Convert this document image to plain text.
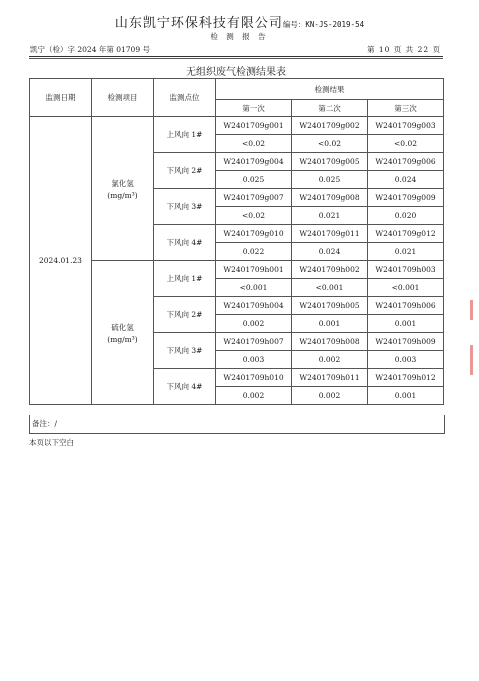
山东凯宁环保科技有限公司编号：KN-JS-2019-54
检 测 报 告
凯宁（检）字 2024 年第 01709 号	第 10 页 共 22 页
无组织废气检测结果表
监测日期	检测项目	监测点位	检测结果		
			第一次	第二次	第三次
2024.01.23	氯化氢
(mg/m³)	上风向 1#	W2401709g001	W2401709g002	W2401709g003
			<0.02	<0.02	<0.02
		下风向 2#	W2401709g004	W2401709g005	W2401709g006
			0.025	0.025	0.024
		下风向 3#	W2401709g007	W2401709g008	W2401709g009
			<0.02	0.021	0.020
		下风向 4#	W2401709g010	W2401709g011	W2401709g012
			0.022	0.024	0.021

	硫化氢
(mg/m³)	上风向 1#	W2401709h001	W2401709h002	W2401709h003
			<0.001	<0.001	<0.001
		下风向 2#	W2401709h004	W2401709h005	W2401709h006
			0.002	0.001	0.001
		下风向 3#	W2401709h007	W2401709h008	W2401709h009
			0.003	0.002	0.003
		下风向 4#	W2401709h010	W2401709h011	W2401709h012
			0.002	0.002	0.001
备注：/
本页以下空白
